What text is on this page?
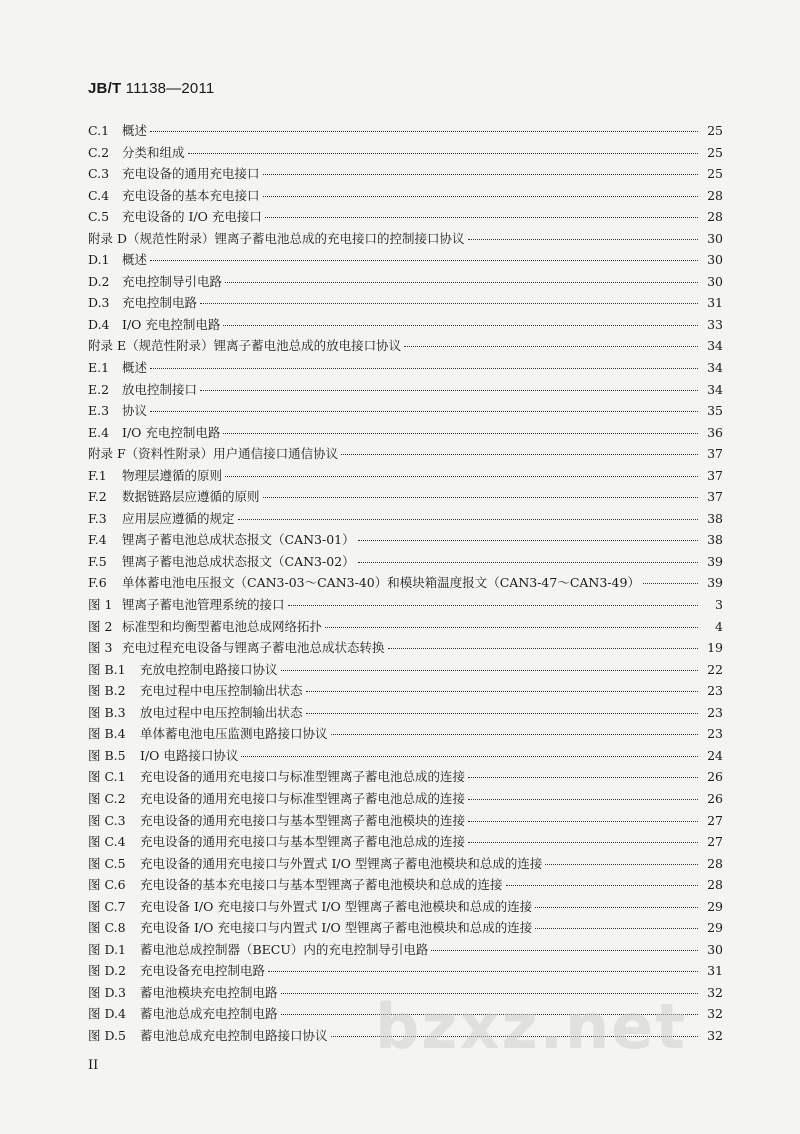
JB/T 11138—2011
C.1	概述	25
C.2	分类和组成	25
C.3	充电设备的通用充电接口	25
C.4	充电设备的基本充电接口	28
C.5	充电设备的 I/O 充电接口	28
附录 D（规范性附录）锂离子蓄电池总成的充电接口的控制接口协议	30
D.1 概述	30
D.2 充电控制导引电路	30
D.3 充电控制电路	31
D.4 I/O 充电控制电路	33
附录 E（规范性附录）锂离子蓄电池总成的放电接口协议	34
E.1	概述	34
E.2	放电控制接口	34
E.3	协议	35
E.4	I/O 充电控制电路	36
附录 F（资料性附录）用户通信接口通信协议	37
F.1	物理层遵循的原则	37
F.2	数据链路层应遵循的原则	37
F.3	应用层应遵循的规定	38
F.4	锂离子蓄电池总成状态报文（CAN3-01）	38
F.5	锂离子蓄电池总成状态报文（CAN3-02）	39
F.6	单体蓄电池电压报文（CAN3-03～CAN3-40）和模块箱温度报文（CAN3-47～CAN3-49）	39
图 1 锂离子蓄电池管理系统的接口	3
图 2 标准型和均衡型蓄电池总成网络拓扑	4
图 3 充电过程充电设备与锂离子蓄电池总成状态转换	19
图 B.1	充放电控制电路接口协议	22
图 B.2	充电过程中电压控制输出状态	23
图 B.3	放电过程中电压控制输出状态	23
图 B.4	单体蓄电池电压监测电路接口协议	23
图 B.5	I/O 电路接口协议	24
图 C.1	充电设备的通用充电接口与标准型锂离子蓄电池总成的连接	26
图 C.2	充电设备的通用充电接口与标准型锂离子蓄电池总成的连接	26
图 C.3	充电设备的通用充电接口与基本型锂离子蓄电池模块的连接	27
图 C.4	充电设备的通用充电接口与基本型锂离子蓄电池总成的连接	27
图 C.5	充电设备的通用充电接口与外置式 I/O 型锂离子蓄电池模块和总成的连接	28
图 C.6	充电设备的基本充电接口与基本型锂离子蓄电池模块和总成的连接	28
图 C.7	充电设备 I/O 充电接口与外置式 I/O 型锂离子蓄电池模块和总成的连接	29
图 C.8	充电设备 I/O 充电接口与内置式 I/O 型锂离子蓄电池模块和总成的连接	29
图 D.1	蓄电池总成控制器（BECU）内的充电控制导引电路	30
图 D.2	充电设备充电控制电路	31
图 D.3	蓄电池模块充电控制电路	32
图 D.4	蓄电池总成充电控制电路	32
图 D.5	蓄电池总成充电控制电路接口协议	32
II
bzxz.net
